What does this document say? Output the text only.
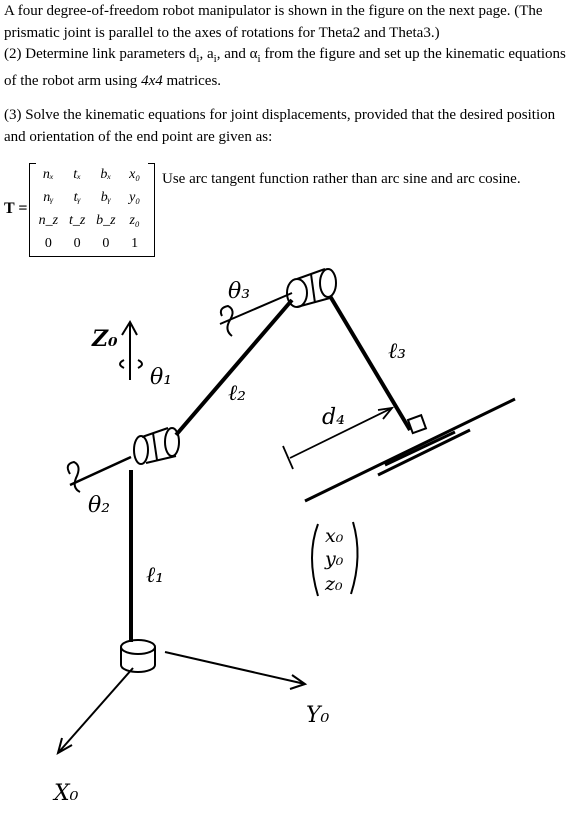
A four degree-of-freedom robot manipulator is shown in the figure on the next page. (The prismatic joint is parallel to the axes of rotations for Theta2 and Theta3.)

(2) Determine link parameters $d_i$, $a_i$, and $\alpha_i$ from the figure and set up the kinematic equations of the robot arm using 4x4 matrices.

(3) Solve the kinematic equations for joint displacements, provided that the desired position and orientation of the end point are given as:

T =
nₓ	tₓ	bₓ	x₀
nᵧ	tᵧ	bᵧ	y₀
n_z t_z b_z z₀
0	0	0	1
Use arc tangent function rather than arc sine and arc cosine.
θ₃
Z₀
θ₁
ℓ₂
ℓ₃
d₄
θ₂
ℓ₁
x₀
y₀
z₀
Y₀
X₀
